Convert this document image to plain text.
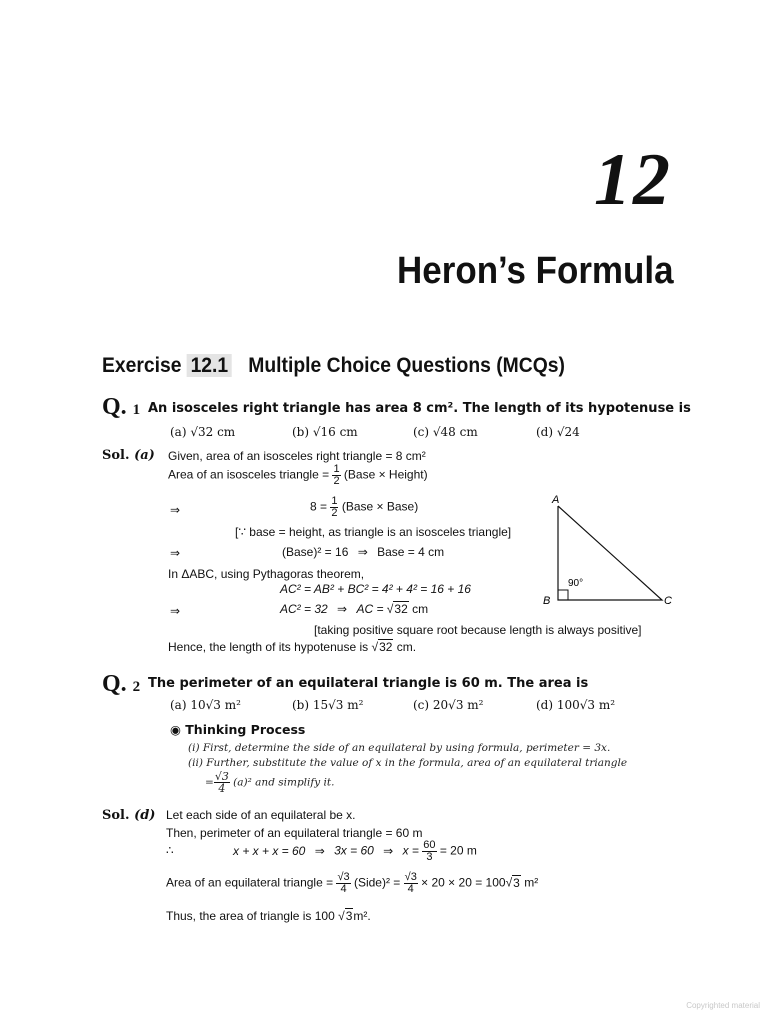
12
Heron’s Formula
Exercise 12.1 Multiple Choice Questions (MCQs)
Q. 1 An isosceles right triangle has area 8 cm². The length of its hypotenuse is
(a) √32 cm	(b) √16 cm	(c) √48 cm	(d) √24
Sol. (a) Given, area of an isosceles right triangle = 8 cm²
Area of an isosceles triangle = $\frac{1}{2}$ (Base × Height)
⇒	$8 = \frac{1}{2}$ (Base × Base)
[∵ base = height, as triangle is an isosceles triangle]
⇒	(Base)² = 16 ⇒ Base = 4 cm
In ΔABC, using Pythagoras theorem,
AC² = AB² + BC² = 4² + 4² = 16 + 16
⇒	AC² = 32 ⇒ AC = √32 cm
[taking positive square root because length is always positive]
Hence, the length of its hypotenuse is √32 cm.
A
B	C
90°
Q. 2 The perimeter of an equilateral triangle is 60 m. The area is
(a) 10√3 m²	(b) 15√3 m²	(c) 20√3 m²	(d) 100√3 m²
◉ Thinking Process
(i) First, determine the side of an equilateral by using formula, perimeter = 3x.
(ii) Further, substitute the value of x in the formula, area of an equilateral triangle
= $\frac{√3}{4} (a)^2$ and simplify it.
Sol. (d) Let each side of an equilateral be x.
Then, perimeter of an equilateral triangle = 60 m
∴	x + x + x = 60 ⇒ 3x = 60 ⇒ $x = \frac{60}{3} = 20$ m
Area of an equilateral triangle = $\frac{√3}{4}$ (Side)² = $\frac{√3}{4} \times 20 \times 20 = 100√3$ m²
Thus, the area of triangle is 100 √3m².
Copyrighted material
